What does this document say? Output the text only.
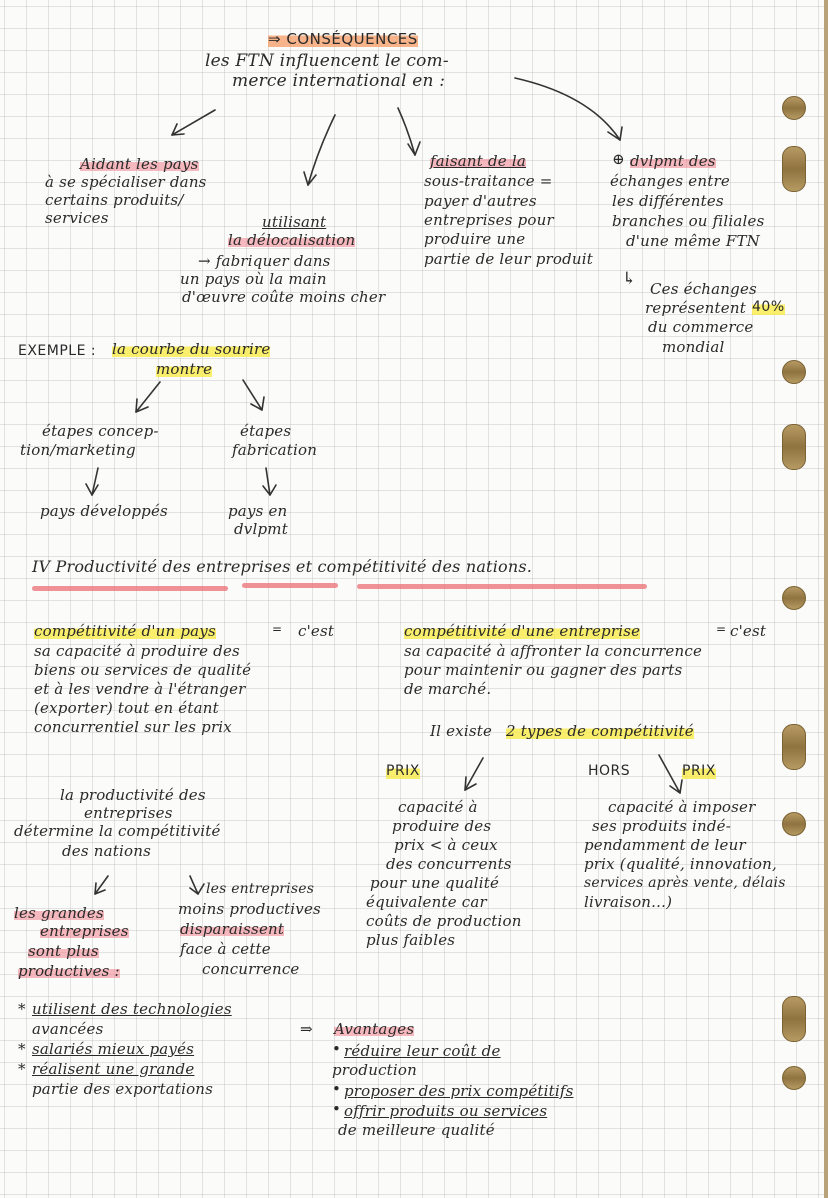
⇒ CONSÉQUENCES
les FTN influencent le com-
merce international en :
Aidant les pays
à se spécialiser dans
certains produits/
services	utilisant
la délocalisation
→ fabriquer dans
un pays où la main
d'œuvre coûte moins cher
faisant de la
sous-traitance =
payer d'autres
entreprises pour
produire une
partie de leur produit
⊕ dvlpmt des
échanges entre
les différentes
branches ou filiales
d'une même FTN
↳ Ces échanges
représentent 40%
du commerce
mondial
EXEMPLE : la courbe du sourire
montre
étapes concep-
tion/marketing
pays développés
étapes
fabrication
pays en
dvlpmt
IV Productivité des entreprises et compétitivité des nations.
compétitivité d'un pays	= c'est
sa capacité à produire des
biens ou services de qualité
et à les vendre à l'étranger
(exporter) tout en étant
concurrentiel sur les prix
compétitivité d'une entreprise	= c'est
sa capacité à affronter la concurrence
pour maintenir ou gagner des parts
de marché.
Il existe 2 types de compétitivité
PRIX	HORS	PRIX
capacité à
produire des
prix < à ceux
des concurrents
pour une qualité
équivalente car
coûts de production
plus faibles
capacité à imposer
ses produits indé-
pendamment de leur
prix (qualité, innovation,
services après vente, délais
livraison...)
la productivité des
entreprises
détermine la compétitivité
des nations
les grandes
entreprises
sont plus
productives :
les entreprises
moins productives
disparaissent
face à cette
concurrence
* utilisent des technologies
avancées
* salariés mieux payés
* réalisent une grande
partie des exportations
⇒ Avantages
• réduire leur coût de
production
• proposer des prix compétitifs
• offrir produits ou services
de meilleure qualité
